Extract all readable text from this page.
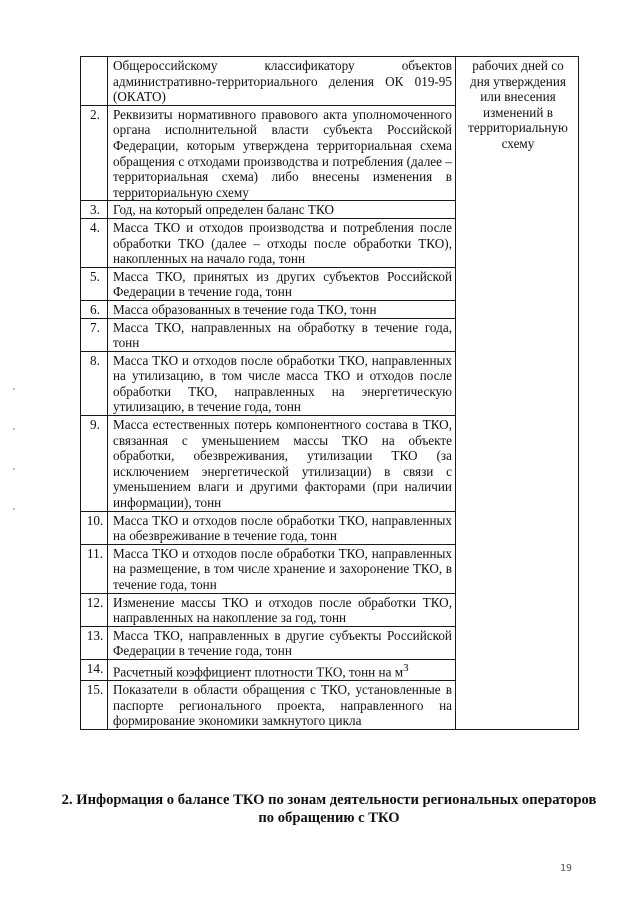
	Общероссийскому классификатору объектов административно-территориального деления ОК 019-95 (ОКАТО)	рабочих дней со дня утверждения или внесения изменений в территориальную схему
2.	Реквизиты нормативного правового акта уполномоченного органа исполнительной власти субъекта Российской Федерации, которым утверждена территориальная схема обращения с отходами производства и потребления (далее – территориальная схема) либо внесены изменения в территориальную схему	
3.	Год, на который определен баланс ТКО	
4.	Масса ТКО и отходов производства и потребления после обработки ТКО (далее – отходы после обработки ТКО), накопленных на начало года, тонн	
5.	Масса ТКО, принятых из других субъектов Российской Федерации в течение года, тонн	
6.	Масса образованных в течение года ТКО, тонн	
7.	Масса ТКО, направленных на обработку в течение года, тонн	
8.	Масса ТКО и отходов после обработки ТКО, направленных на утилизацию, в том числе масса ТКО и отходов после обработки ТКО, направленных на энергетическую утилизацию, в течение года, тонн	
9.	Масса естественных потерь компонентного состава в ТКО, связанная с уменьшением массы ТКО на объекте обработки, обезвреживания, утилизации ТКО (за исключением энергетической утилизации) в связи с уменьшением влаги и другими факторами (при наличии информации), тонн	
10.	Масса ТКО и отходов после обработки ТКО, направленных на обезвреживание в течение года, тонн	
11.	Масса ТКО и отходов после обработки ТКО, направленных на размещение, в том числе хранение и захоронение ТКО, в течение года, тонн	
12.	Изменение массы ТКО и отходов после обработки ТКО, направленных на накопление за год, тонн	
13.	Масса ТКО, направленных в другие субъекты Российской Федерации в течение года, тонн	
14.	Расчетный коэффициент плотности ТКО, тонн на $м^3$
15.	Показатели в области обращения с ТКО, установленные в паспорте регионального проекта, направленного на формирование экономики замкнутого цикла	
2. Информация о балансе ТКО по зонам деятельности региональных операторов по обращению с ТКО
19
